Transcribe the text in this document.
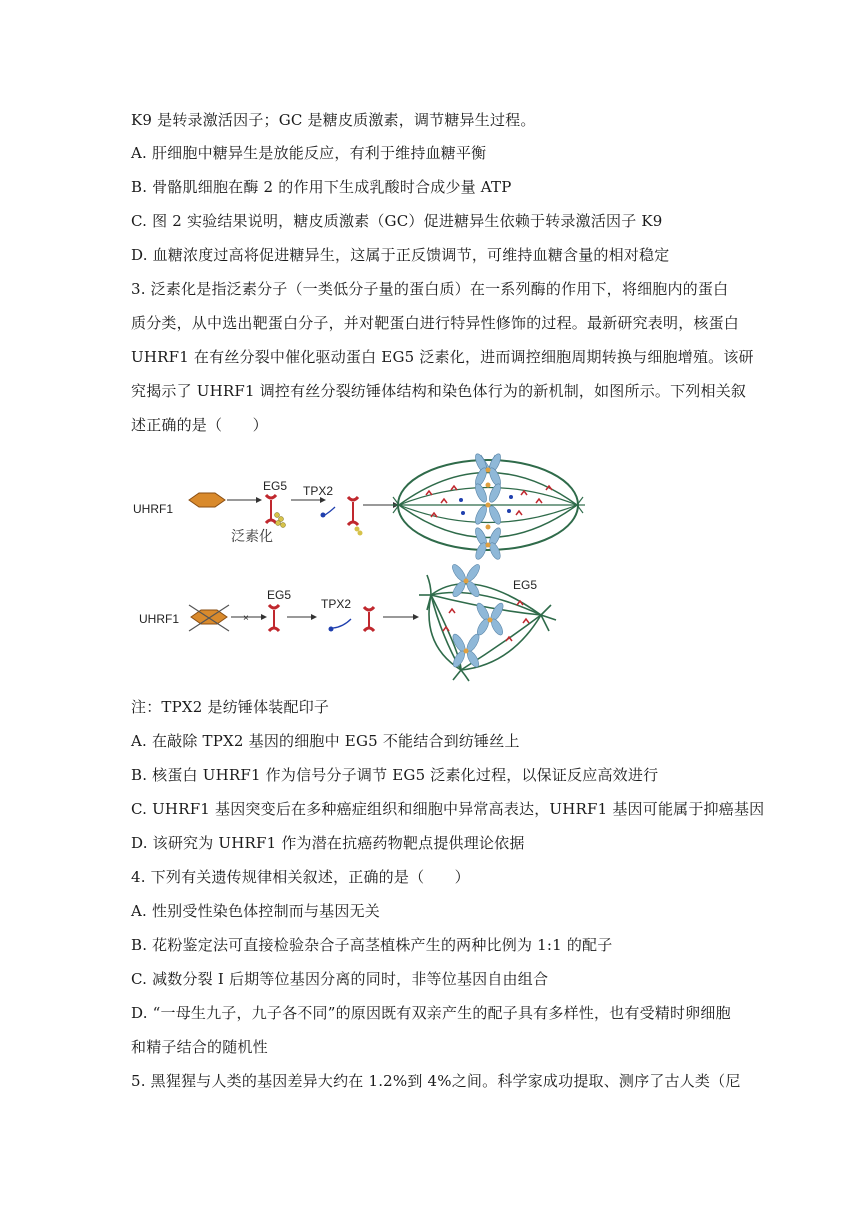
K9 是转录激活因子；GC 是糖皮质激素，调节糖异生过程。
A. 肝细胞中糖异生是放能反应，有利于维持血糖平衡
B. 骨骼肌细胞在酶 2 的作用下生成乳酸时合成少量 ATP
C. 图 2 实验结果说明，糖皮质激素（GC）促进糖异生依赖于转录激活因子 K9
D. 血糖浓度过高将促进糖异生，这属于正反馈调节，可维持血糖含量的相对稳定
3. 泛素化是指泛素分子（一类低分子量的蛋白质）在一系列酶的作用下，将细胞内的蛋白
质分类，从中选出靶蛋白分子，并对靶蛋白进行特异性修饰的过程。最新研究表明，核蛋白
UHRF1 在有丝分裂中催化驱动蛋白 EG5 泛素化，进而调控细胞周期转换与细胞增殖。该研
究揭示了 UHRF1 调控有丝分裂纺锤体结构和染色体行为的新机制，如图所示。下列相关叙
述正确的是（　　）
UHRF1
EG5
泛素化
TPX2
UHRF1	×
EG5
TPX2
EG5
注：TPX2 是纺锤体装配印子
A. 在敲除 TPX2 基因的细胞中 EG5 不能结合到纺锤丝上
B. 核蛋白 UHRF1 作为信号分子调节 EG5 泛素化过程，以保证反应高效进行
C. UHRF1 基因突变后在多种癌症组织和细胞中异常高表达，UHRF1 基因可能属于抑癌基因
D. 该研究为 UHRF1 作为潜在抗癌药物靶点提供理论依据
4. 下列有关遗传规律相关叙述，正确的是（　　）
A. 性别受性染色体控制而与基因无关
B. 花粉鉴定法可直接检验杂合子高茎植株产生的两种比例为 1:1 的配子
C. 减数分裂 I 后期等位基因分离的同时，非等位基因自由组合
D. “一母生九子，九子各不同”的原因既有双亲产生的配子具有多样性，也有受精时卵细胞
和精子结合的随机性
5. 黑猩猩与人类的基因差异大约在 1.2%到 4%之间。科学家成功提取、测序了古人类（尼
